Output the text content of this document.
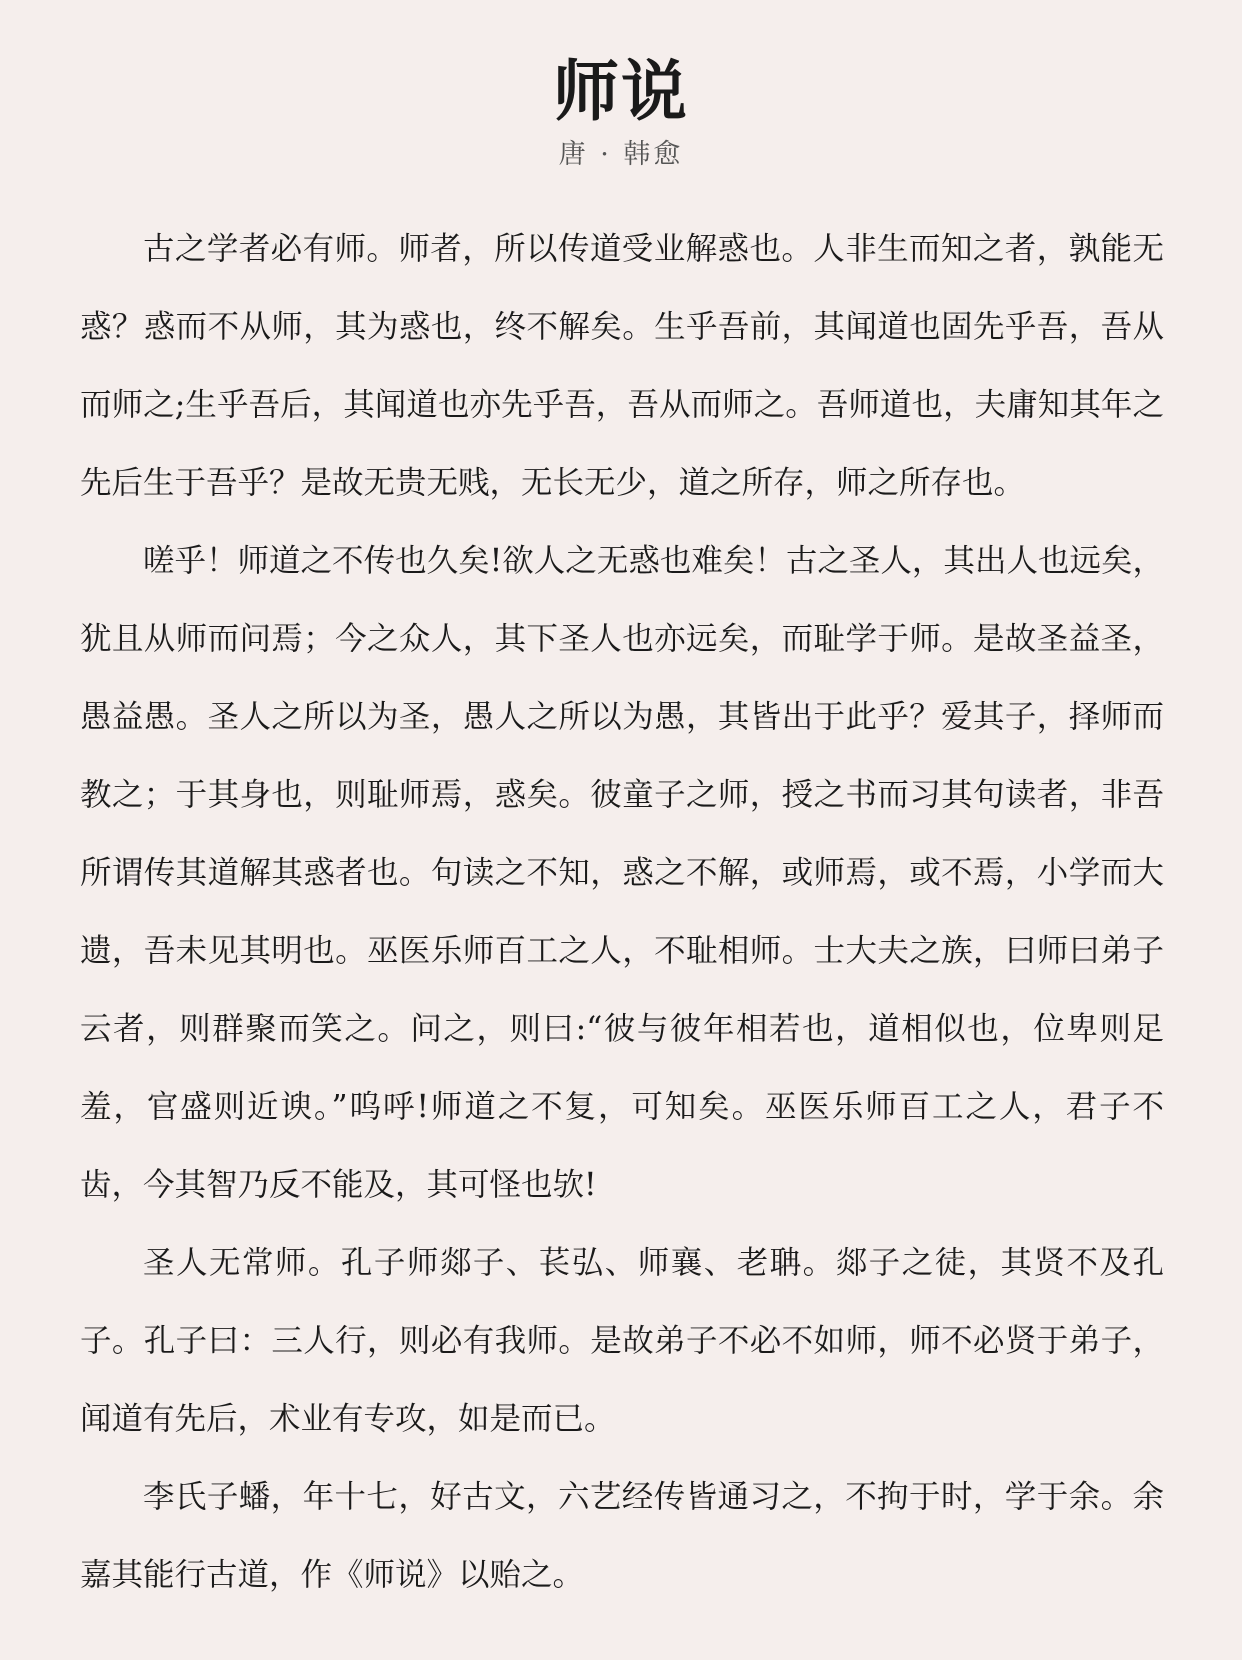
师说
唐 · 韩愈

古之学者必有师。师者，所以传道受业解惑也。人非生而知之者，孰能无惑？惑而不从师，其为惑也，终不解矣。生乎吾前，其闻道也固先乎吾，吾从而师之;生乎吾后，其闻道也亦先乎吾，吾从而师之。吾师道也，夫庸知其年之先后生于吾乎？是故无贵无贱，无长无少，道之所存，师之所存也。

嗟乎！师道之不传也久矣!欲人之无惑也难矣！古之圣人，其出人也远矣，犹且从师而问焉；今之众人，其下圣人也亦远矣，而耻学于师。是故圣益圣，愚益愚。圣人之所以为圣，愚人之所以为愚，其皆出于此乎？爱其子，择师而教之；于其身也，则耻师焉，惑矣。彼童子之师，授之书而习其句读者，非吾所谓传其道解其惑者也。句读之不知，惑之不解，或师焉，或不焉，小学而大遗，吾未见其明也。巫医乐师百工之人，不耻相师。士大夫之族，曰师曰弟子云者，则群聚而笑之。问之，则曰:“彼与彼年相若也，道相似也，位卑则足羞，官盛则近谀。”呜呼!师道之不复，可知矣。巫医乐师百工之人，君子不齿，今其智乃反不能及，其可怪也欤!

圣人无常师。孔子师郯子、苌弘、师襄、老聃。郯子之徒，其贤不及孔子。孔子曰：三人行，则必有我师。是故弟子不必不如师，师不必贤于弟子，闻道有先后，术业有专攻，如是而已。

李氏子蟠，年十七，好古文，六艺经传皆通习之，不拘于时，学于余。余嘉其能行古道，作《师说》以贻之。
